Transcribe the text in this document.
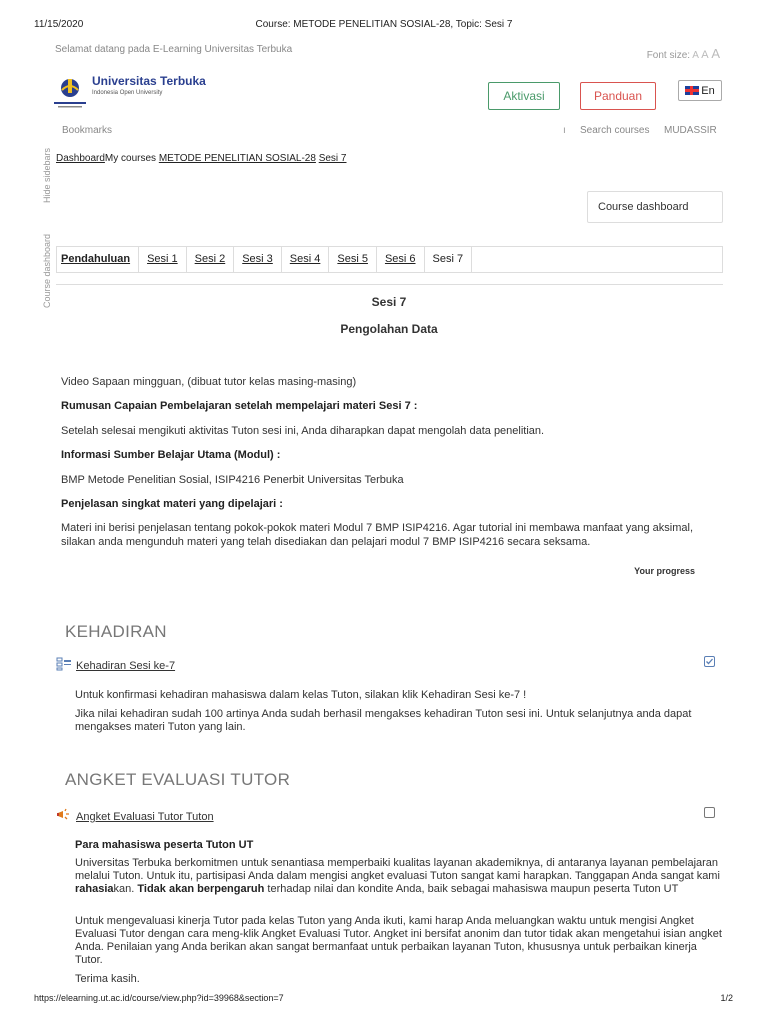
11/15/2020	Course: METODE PENELITIAN SOSIAL-28, Topic: Sesi 7
Selamat datang pada E-Learning Universitas Terbuka
Font size: A A A
Universitas Terbuka
Indonesia Open University	Aktivasi	Panduan	En
Bookmarks	ı Search courses MUDASSIR
Hide sidebars
Course dashboard
DashboardMy courses METODE PENELITIAN SOSIAL-28 Sesi 7
Course dashboard
Pendahuluan	Sesi 1	Sesi 2	Sesi 3	Sesi 4	Sesi 5	Sesi 6	Sesi 7
Sesi 7
Pengolahan Data
Video Sapaan mingguan, (dibuat tutor kelas masing-masing)
Rumusan Capaian Pembelajaran setelah mempelajari materi Sesi 7 :
Setelah selesai mengikuti aktivitas Tuton sesi ini, Anda diharapkan dapat mengolah data penelitian.
Informasi Sumber Belajar Utama (Modul) :
BMP Metode Penelitian Sosial, ISIP4216 Penerbit Universitas Terbuka
Penjelasan singkat materi yang dipelajari :
Materi ini berisi penjelasan tentang pokok-pokok materi Modul 7 BMP ISIP4216. Agar tutorial ini membawa manfaat yang aksimal, silakan anda mengunduh materi yang telah disediakan dan pelajari modul 7 BMP ISIP4216 secara seksama.
Your progress
KEHADIRAN
Kehadiran Sesi ke-7
Untuk konfirmasi kehadiran mahasiswa dalam kelas Tuton, silakan klik Kehadiran Sesi ke-7 !
Jika nilai kehadiran sudah 100 artinya Anda sudah berhasil mengakses kehadiran Tuton sesi ini. Untuk selanjutnya anda dapat mengakses materi Tuton yang lain.
ANGKET EVALUASI TUTOR
Angket Evaluasi Tutor Tuton
Para mahasiswa peserta Tuton UT
Universitas Terbuka berkomitmen untuk senantiasa memperbaiki kualitas layanan akademiknya, di antaranya layanan pembelajaran melalui Tuton. Untuk itu, partisipasi Anda dalam mengisi angket evaluasi Tuton sangat kami harapkan. Tanggapan Anda sangat kami rahasiakan. Tidak akan berpengaruh terhadap nilai dan kondite Anda, baik sebagai mahasiswa maupun peserta Tuton UT
Untuk mengevaluasi kinerja Tutor pada kelas Tuton yang Anda ikuti, kami harap Anda meluangkan waktu untuk mengisi Angket Evaluasi Tutor dengan cara meng-klik Angket Evaluasi Tutor. Angket ini bersifat anonim dan tutor tidak akan mengetahui isian angket Anda. Penilaian yang Anda berikan akan sangat bermanfaat untuk perbaikan layanan Tuton, khususnya untuk perbaikan kinerja Tutor.
Terima kasih.
https://elearning.ut.ac.id/course/view.php?id=39968&section=7	1/2
